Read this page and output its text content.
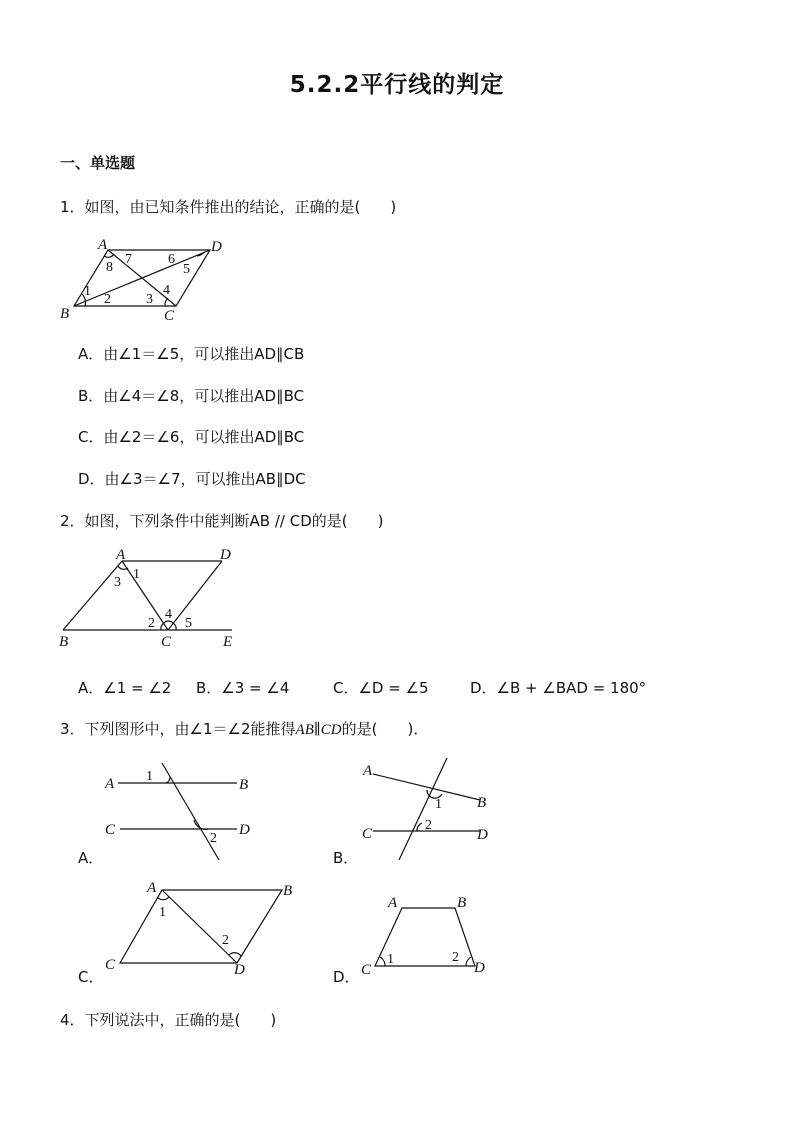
5.2.2平行线的判定
一、单选题
1．如图，由已知条件推出的结论，正确的是(　　)
A	D
B	C
1
2	3
4
5
6
7
8
A．由∠1＝∠5，可以推出AD∥CB
B．由∠4＝∠8，可以推出AD∥BC
C．由∠2＝∠6，可以推出AD∥BC
D．由∠3＝∠7，可以推出AB∥DC
2．如图，下列条件中能判断AB // CD的是(　　)
A	D
B	C	E
1
3
4
2 5
A．∠1 = ∠2 B．∠3 = ∠4	C．∠D = ∠5	D．∠B + ∠BAD = 180°
3．下列图形中，由∠1＝∠2能推得AB∥CD的是(　　)．
A	B
C	D
1
2
A．
A
B
C	D
1
2
B．
A	B
C	D
1
2
C．
A	B
C	D
1	2
D．
4．下列说法中，正确的是(　　)
